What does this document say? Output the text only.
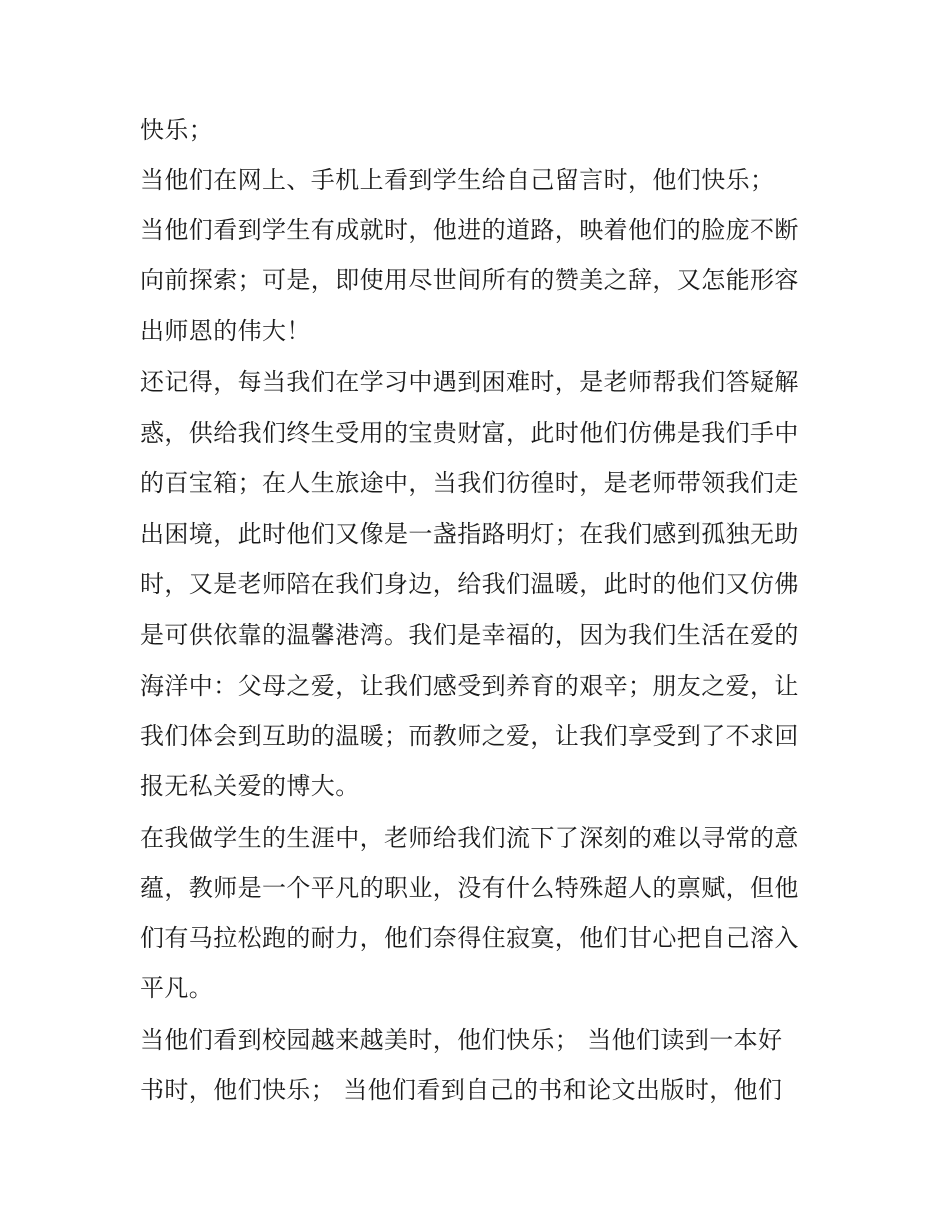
快乐；

当他们在网上、手机上看到学生给自己留言时，他们快乐；

当他们看到学生有成就时，他进的道路，映着他们的脸庞不断

向前探索；可是，即使用尽世间所有的赞美之辞，又怎能形容

出师恩的伟大！

还记得，每当我们在学习中遇到困难时，是老师帮我们答疑解

惑，供给我们终生受用的宝贵财富，此时他们仿佛是我们手中

的百宝箱；在人生旅途中，当我们彷徨时，是老师带领我们走

出困境，此时他们又像是一盏指路明灯；在我们感到孤独无助

时，又是老师陪在我们身边，给我们温暖，此时的他们又仿佛

是可供依靠的温馨港湾。我们是幸福的，因为我们生活在爱的

海洋中：父母之爱，让我们感受到养育的艰辛；朋友之爱，让

我们体会到互助的温暖；而教师之爱，让我们享受到了不求回

报无私关爱的博大。

在我做学生的生涯中，老师给我们流下了深刻的难以寻常的意

蕴，教师是一个平凡的职业，没有什么特殊超人的禀赋，但他

们有马拉松跑的耐力，他们奈得住寂寞，他们甘心把自己溶入

平凡。

当他们看到校园越来越美时，他们快乐； 当他们读到一本好

书时，他们快乐； 当他们看到自己的书和论文出版时，他们
